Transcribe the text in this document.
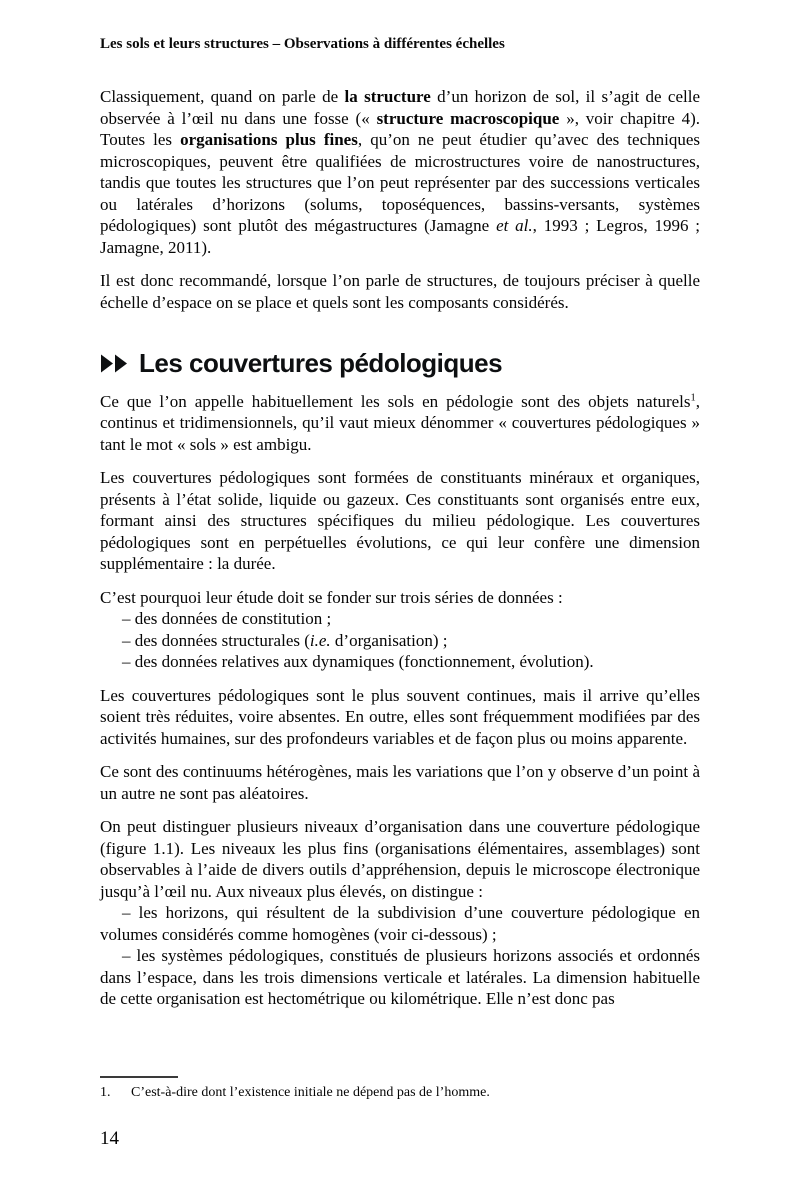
Les sols et leurs structures – Observations à différentes échelles

Classiquement, quand on parle de la structure d’un horizon de sol, il s’agit de celle observée à l’œil nu dans une fosse (« structure macroscopique », voir chapitre 4). Toutes les organisations plus fines, qu’on ne peut étudier qu’avec des techniques microscopiques, peuvent être qualifiées de microstructures voire de nanostructures, tandis que toutes les structures que l’on peut représenter par des successions verticales ou latérales d’horizons (solums, toposéquences, bassins-versants, systèmes pédologiques) sont plutôt des mégastructures (Jamagne et al., 1993 ; Legros, 1996 ; Jamagne, 2011).

Il est donc recommandé, lorsque l’on parle de structures, de toujours préciser à quelle échelle d’espace on se place et quels sont les composants considérés.

Les couvertures pédologiques

Ce que l’on appelle habituellement les sols en pédologie sont des objets naturels$^1$, continus et tridimensionnels, qu’il vaut mieux dénommer « couvertures pédologiques » tant le mot « sols » est ambigu.

Les couvertures pédologiques sont formées de constituants minéraux et organiques, présents à l’état solide, liquide ou gazeux. Ces constituants sont organisés entre eux, formant ainsi des structures spécifiques du milieu pédologique. Les couvertures pédologiques sont en perpétuelles évolutions, ce qui leur confère une dimension supplémentaire : la durée.

C’est pourquoi leur étude doit se fonder sur trois séries de données :

– des données de constitution ;
– des données structurales (i.e. d’organisation) ;
– des données relatives aux dynamiques (fonctionnement, évolution).

Les couvertures pédologiques sont le plus souvent continues, mais il arrive qu’elles soient très réduites, voire absentes. En outre, elles sont fréquemment modifiées par des activités humaines, sur des profondeurs variables et de façon plus ou moins apparente.

Ce sont des continuums hétérogènes, mais les variations que l’on y observe d’un point à un autre ne sont pas aléatoires.

On peut distinguer plusieurs niveaux d’organisation dans une couverture pédologique (figure 1.1). Les niveaux les plus fins (organisations élémentaires, assemblages) sont observables à l’aide de divers outils d’appréhension, depuis le microscope électronique jusqu’à l’œil nu. Aux niveaux plus élevés, on distingue :

– les horizons, qui résultent de la subdivision d’une couverture pédologique en volumes considérés comme homogènes (voir ci-dessous) ;
– les systèmes pédologiques, constitués de plusieurs horizons associés et ordonnés dans l’espace, dans les trois dimensions verticale et latérales. La dimension habituelle de cette organisation est hectométrique ou kilométrique. Elle n’est donc pas
1.	C’est-à-dire dont l’existence initiale ne dépend pas de l’homme.
14
